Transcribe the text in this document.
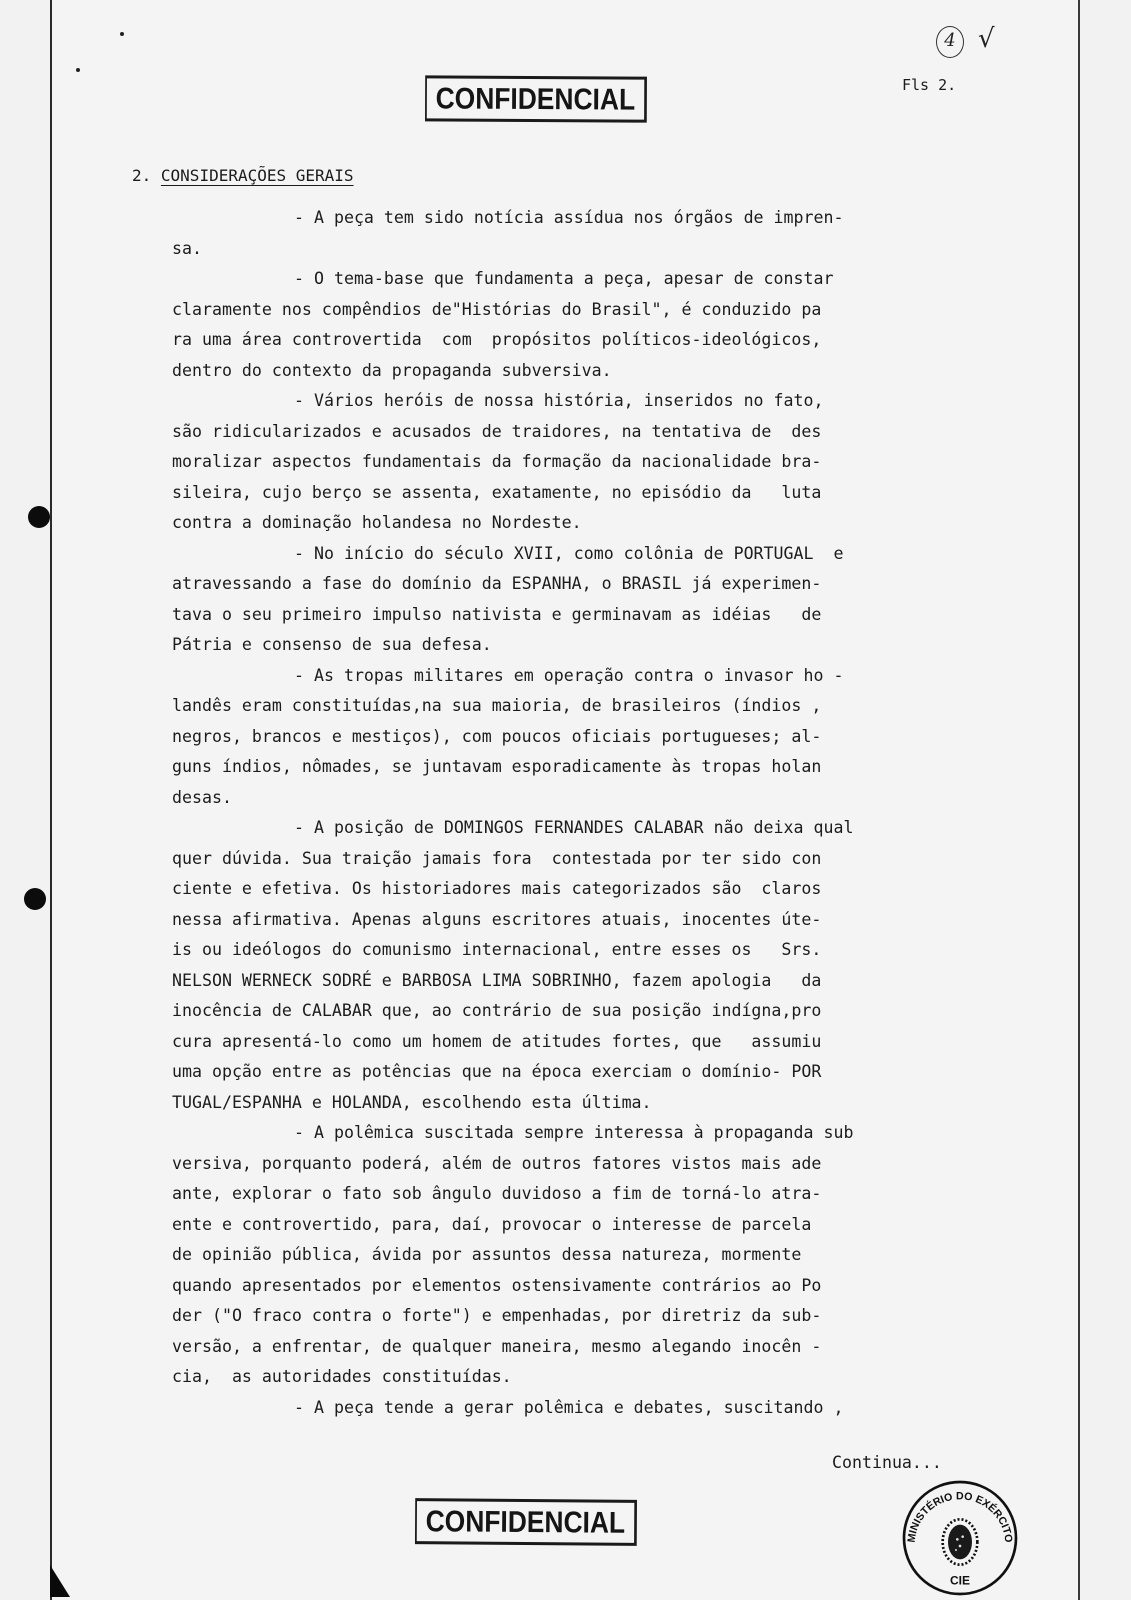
CONFIDENCIAL
4 √
Fls 2.
2. CONSIDERAÇÕES GERAIS
- A peça tem sido notícia assídua nos órgãos de impren-
sa.
- O tema-base que fundamenta a peça, apesar de constar
claramente nos compêndios de"Histórias do Brasil", é conduzido pa
ra uma área controvertida  com  propósitos políticos-ideológicos,
dentro do contexto da propaganda subversiva.
- Vários heróis de nossa história, inseridos no fato,
são ridicularizados e acusados de traidores, na tentativa de  des
moralizar aspectos fundamentais da formação da nacionalidade bra-
sileira, cujo berço se assenta, exatamente, no episódio da   luta
contra a dominação holandesa no Nordeste.
- No início do século XVII, como colônia de PORTUGAL  e
atravessando a fase do domínio da ESPANHA, o BRASIL já experimen-
tava o seu primeiro impulso nativista e germinavam as idéias   de
Pátria e consenso de sua defesa.
- As tropas militares em operação contra o invasor ho -
landês eram constituídas,na sua maioria, de brasileiros (índios ,
negros, brancos e mestiços), com poucos oficiais portugueses; al-
guns índios, nômades, se juntavam esporadicamente às tropas holan
desas.
- A posição de DOMINGOS FERNANDES CALABAR não deixa qual
quer dúvida. Sua traição jamais fora  contestada por ter sido con
ciente e efetiva. Os historiadores mais categorizados são  claros
nessa afirmativa. Apenas alguns escritores atuais, inocentes úte-
is ou ideólogos do comunismo internacional, entre esses os   Srs.
NELSON WERNECK SODRÉ e BARBOSA LIMA SOBRINHO, fazem apologia   da
inocência de CALABAR que, ao contrário de sua posição indígna,pro
cura apresentá-lo como um homem de atitudes fortes, que   assumiu
uma opção entre as potências que na época exerciam o domínio- POR
TUGAL/ESPANHA e HOLANDA, escolhendo esta última.
- A polêmica suscitada sempre interessa à propaganda sub
versiva, porquanto poderá, além de outros fatores vistos mais ade
ante, explorar o fato sob ângulo duvidoso a fim de torná-lo atra-
ente e controvertido, para, daí, provocar o interesse de parcela
de opinião pública, ávida por assuntos dessa natureza, mormente
quando apresentados por elementos ostensivamente contrários ao Po
der ("O fraco contra o forte") e empenhadas, por diretriz da sub-
versão, a enfrentar, de qualquer maneira, mesmo alegando inocên -
cia,  as autoridades constituídas.
- A peça tende a gerar polêmica e debates, suscitando ,
Continua...
MINISTÉRIO DO EXÉRCITO
CIE
CONFIDENCIAL
